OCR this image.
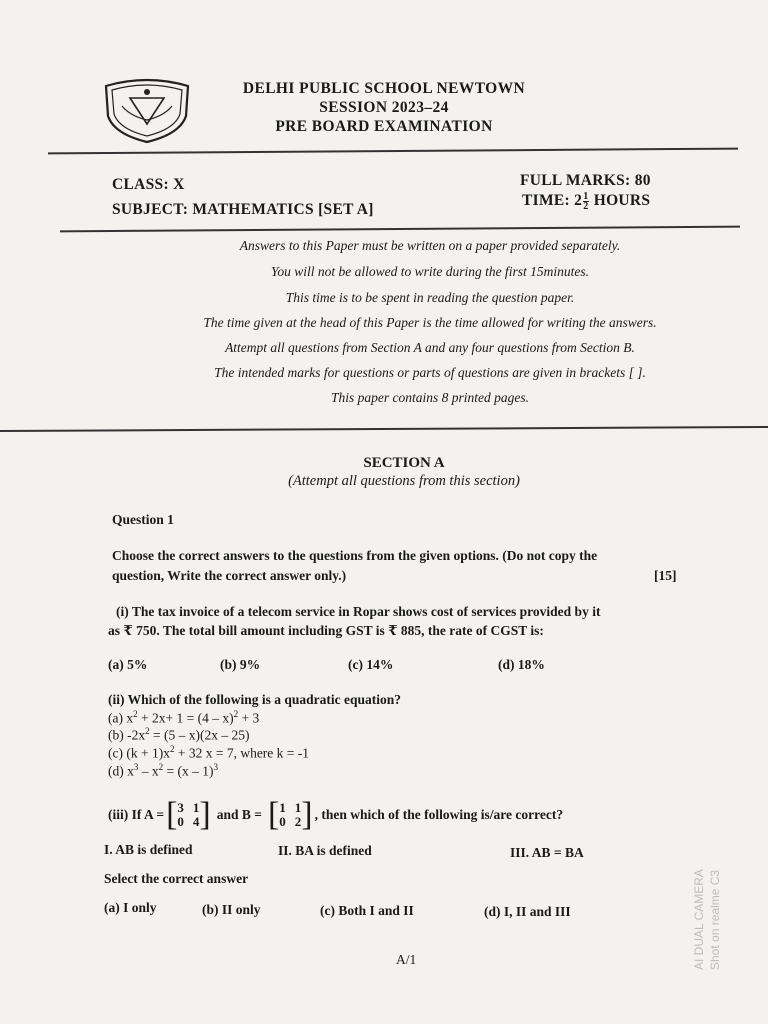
DELHI PUBLIC SCHOOL NEWTOWN
SESSION 2023–24
PRE BOARD EXAMINATION
CLASS: X	FULL MARKS: 80
SUBJECT: MATHEMATICS [SET A]
TIME: $2 \frac{1}{2}$ HOURS
Answers to this Paper must be written on a paper provided separately.
You will not be allowed to write during the first 15minutes.
This time is to be spent in reading the question paper.
The time given at the head of this Paper is the time allowed for writing the answers.
Attempt all questions from Section A and any four questions from Section B.
The intended marks for questions or parts of questions are given in brackets [ ].
This paper contains 8 printed pages.
SECTION A
(Attempt all questions from this section)
Question 1
Choose the correct answers to the questions from the given options. (Do not copy the
question, Write the correct answer only.)	[15]
(i) The tax invoice of a telecom service in Ropar shows cost of services provided by it
as ₹ 750. The total bill amount including GST is ₹ 885, the rate of CGST is:
(a) 5%	(b) 9%	(c) 14%	(d) 18%
(ii) Which of the following is a quadratic equation?
(a) $x^2 + 2x+ 1 = (4 - x)^2 + 3$
(b) $-2x^2 = (5 - x)(2x - 25)$
(c) $(k + 1)x^2 + 32$ x = 7, where k = -1
(d) $x^3 - x^2 = (x - 1)^3$
(iii) If A = [ 3 1
0 4 ] and B = [ 1 1
0 2 ] , then which of the following is/are correct?
I. AB is defined	II. BA is defined	III. AB = BA
Select the correct answer
(a) I only	(b) II only	(c) Both I and II	(d) I, II and III
A/1	AI DUAL CAMERA Shot on realme C3
